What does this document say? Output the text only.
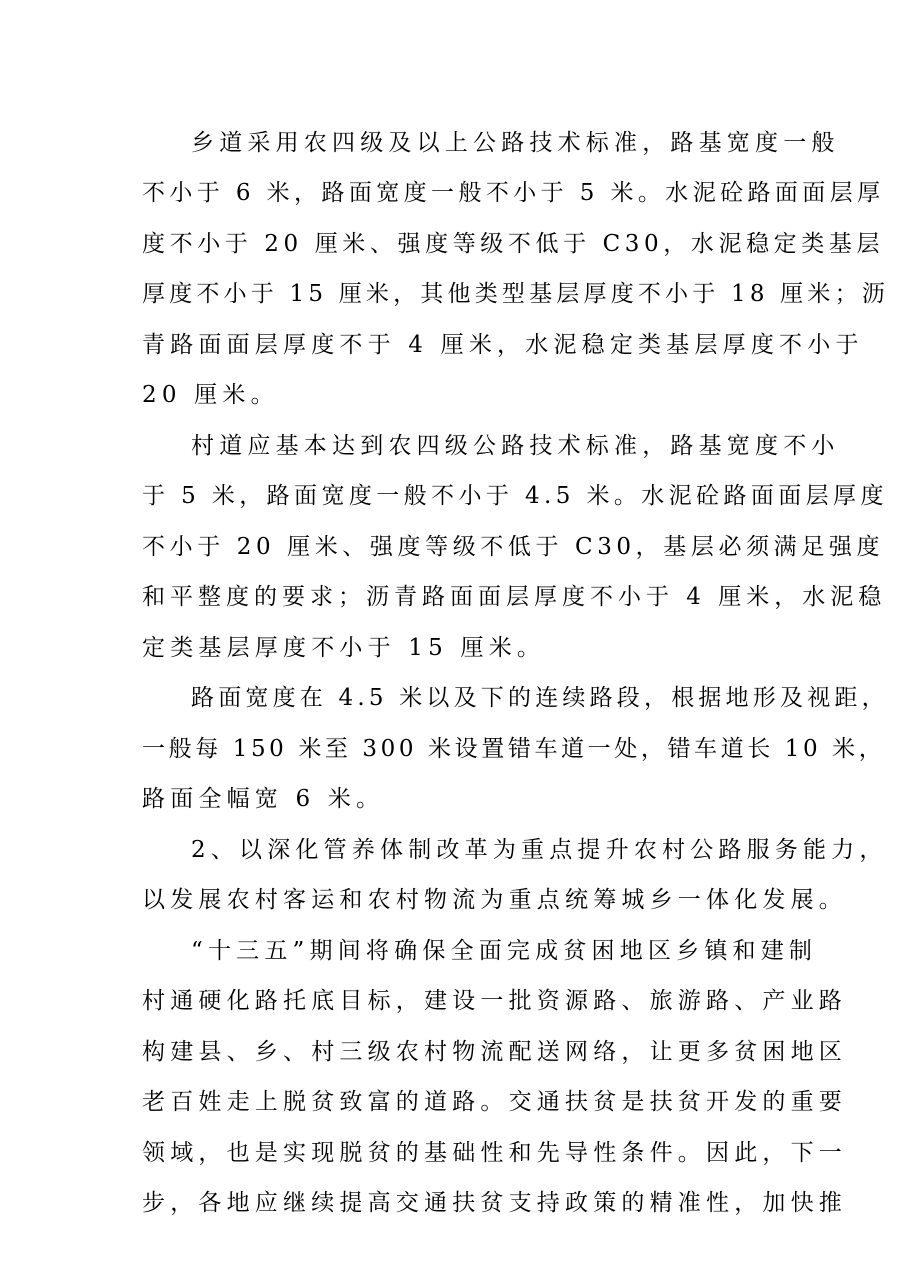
乡道采用农四级及以上公路技术标准，路基宽度一般
不小于 6 米，路面宽度一般不小于 5 米。水泥砼路面面层厚
度不小于 20 厘米、强度等级不低于 C30，水泥稳定类基层
厚度不小于 15 厘米，其他类型基层厚度不小于 18 厘米；沥
青路面面层厚度不于 4 厘米，水泥稳定类基层厚度不小于
20 厘米。
村道应基本达到农四级公路技术标准，路基宽度不小
于 5 米，路面宽度一般不小于 4.5 米。水泥砼路面面层厚度
不小于 20 厘米、强度等级不低于 C30，基层必须满足强度
和平整度的要求；沥青路面面层厚度不小于 4 厘米，水泥稳
定类基层厚度不小于 15 厘米。
路面宽度在 4.5 米以及下的连续路段，根据地形及视距，
一般每 150 米至 300 米设置错车道一处，错车道长 10 米，
路面全幅宽 6 米。
2、以深化管养体制改革为重点提升农村公路服务能力，
以发展农村客运和农村物流为重点统筹城乡一体化发展。
“十三五”期间将确保全面完成贫困地区乡镇和建制
村通硬化路托底目标，建设一批资源路、旅游路、产业路
构建县、乡、村三级农村物流配送网络，让更多贫困地区
老百姓走上脱贫致富的道路。交通扶贫是扶贫开发的重要
领域，也是实现脱贫的基础性和先导性条件。因此，下一
步，各地应继续提高交通扶贫支持政策的精准性，加快推
